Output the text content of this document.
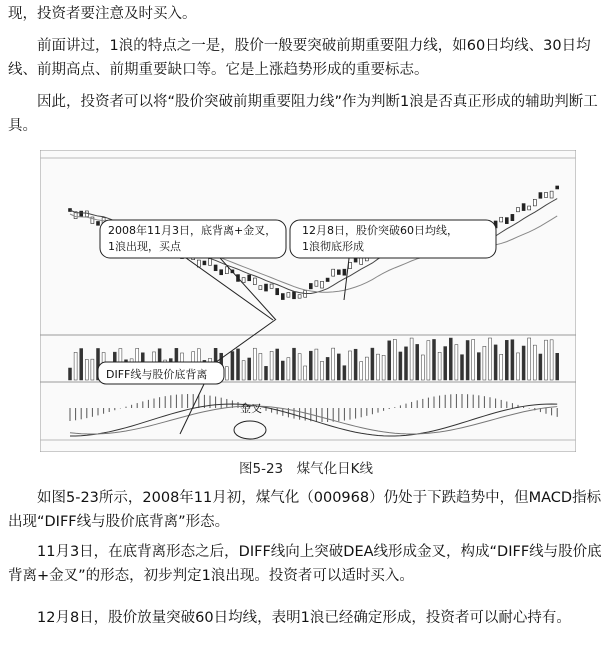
现，投资者要注意及时买入。
　　前面讲过，1浪的特点之一是，股价一般要突破前期重要阻力线，如60日均线、30日均线、前期高点、前期重要缺口等。它是上涨趋势形成的重要标志。
　　因此，投资者可以将“股价突破前期重要阻力线”作为判断1浪是否真正形成的辅助判断工具。
2008年11月3日，底背离+金叉，
1浪出现，买点
12月8日，股价突破60日均线，
1浪彻底形成
DIFF线与股价底背离
金叉
图5-23　煤气化日K线
　　如图5-23所示，2008年11月初，煤气化（000968）仍处于下跌趋势中，但MACD指标出现“DIFF线与股价底背离”形态。
　　11月3日，在底背离形态之后，DIFF线向上突破DEA线形成金叉，构成“DIFF线与股价底背离+金叉”的形态，初步判定1浪出现。投资者可以适时买入。
　　12月8日，股价放量突破60日均线，表明1浪已经确定形成，投资者可以耐心持有。
